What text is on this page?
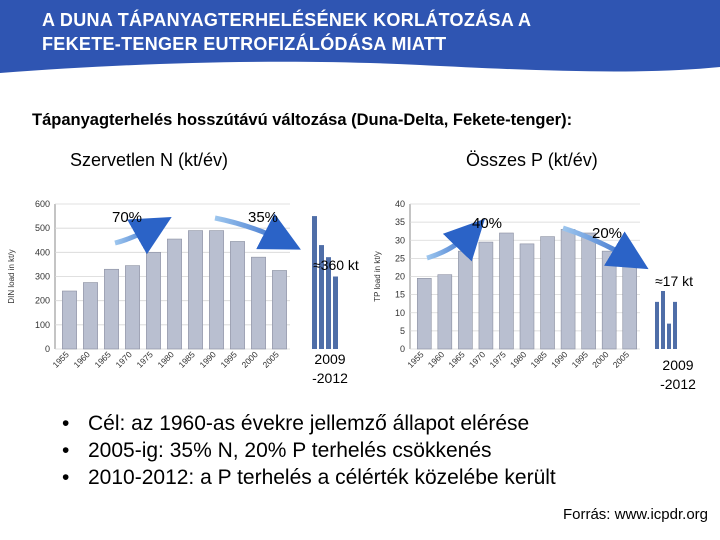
A DUNA TÁPANYAGTERHELÉSÉNEK KORLÁTOZÁSA A
FEKETE-TENGER EUTROFIZÁLÓDÁSA MIATT
Tápanyagterhelés hosszútávú változása (Duna-Delta, Fekete-tenger):
Szervetlen N (kt/év)	Összes P (kt/év)
0
100
200
300
400
500
600
DIN load in kt/y
1955 1960 1965 1970 1975 1980 1985 1990 1995 2000 2005 2009
-2012
≈360 kt
70%	35%
0
5
10
15
20
25
30
35
40
TP load in kt/y
1955 1960 1965 1970 1975 1980 1985 1990 1995 2000 2005 2009
-2012
≈17 kt
40%
20%
• Cél: az 1960-as évekre jellemző állapot elérése
• 2005-ig: 35% N, 20% P terhelés csökkenés
• 2010-2012: a P terhelés a célérték közelébe került
Forrás: www.icpdr.org
